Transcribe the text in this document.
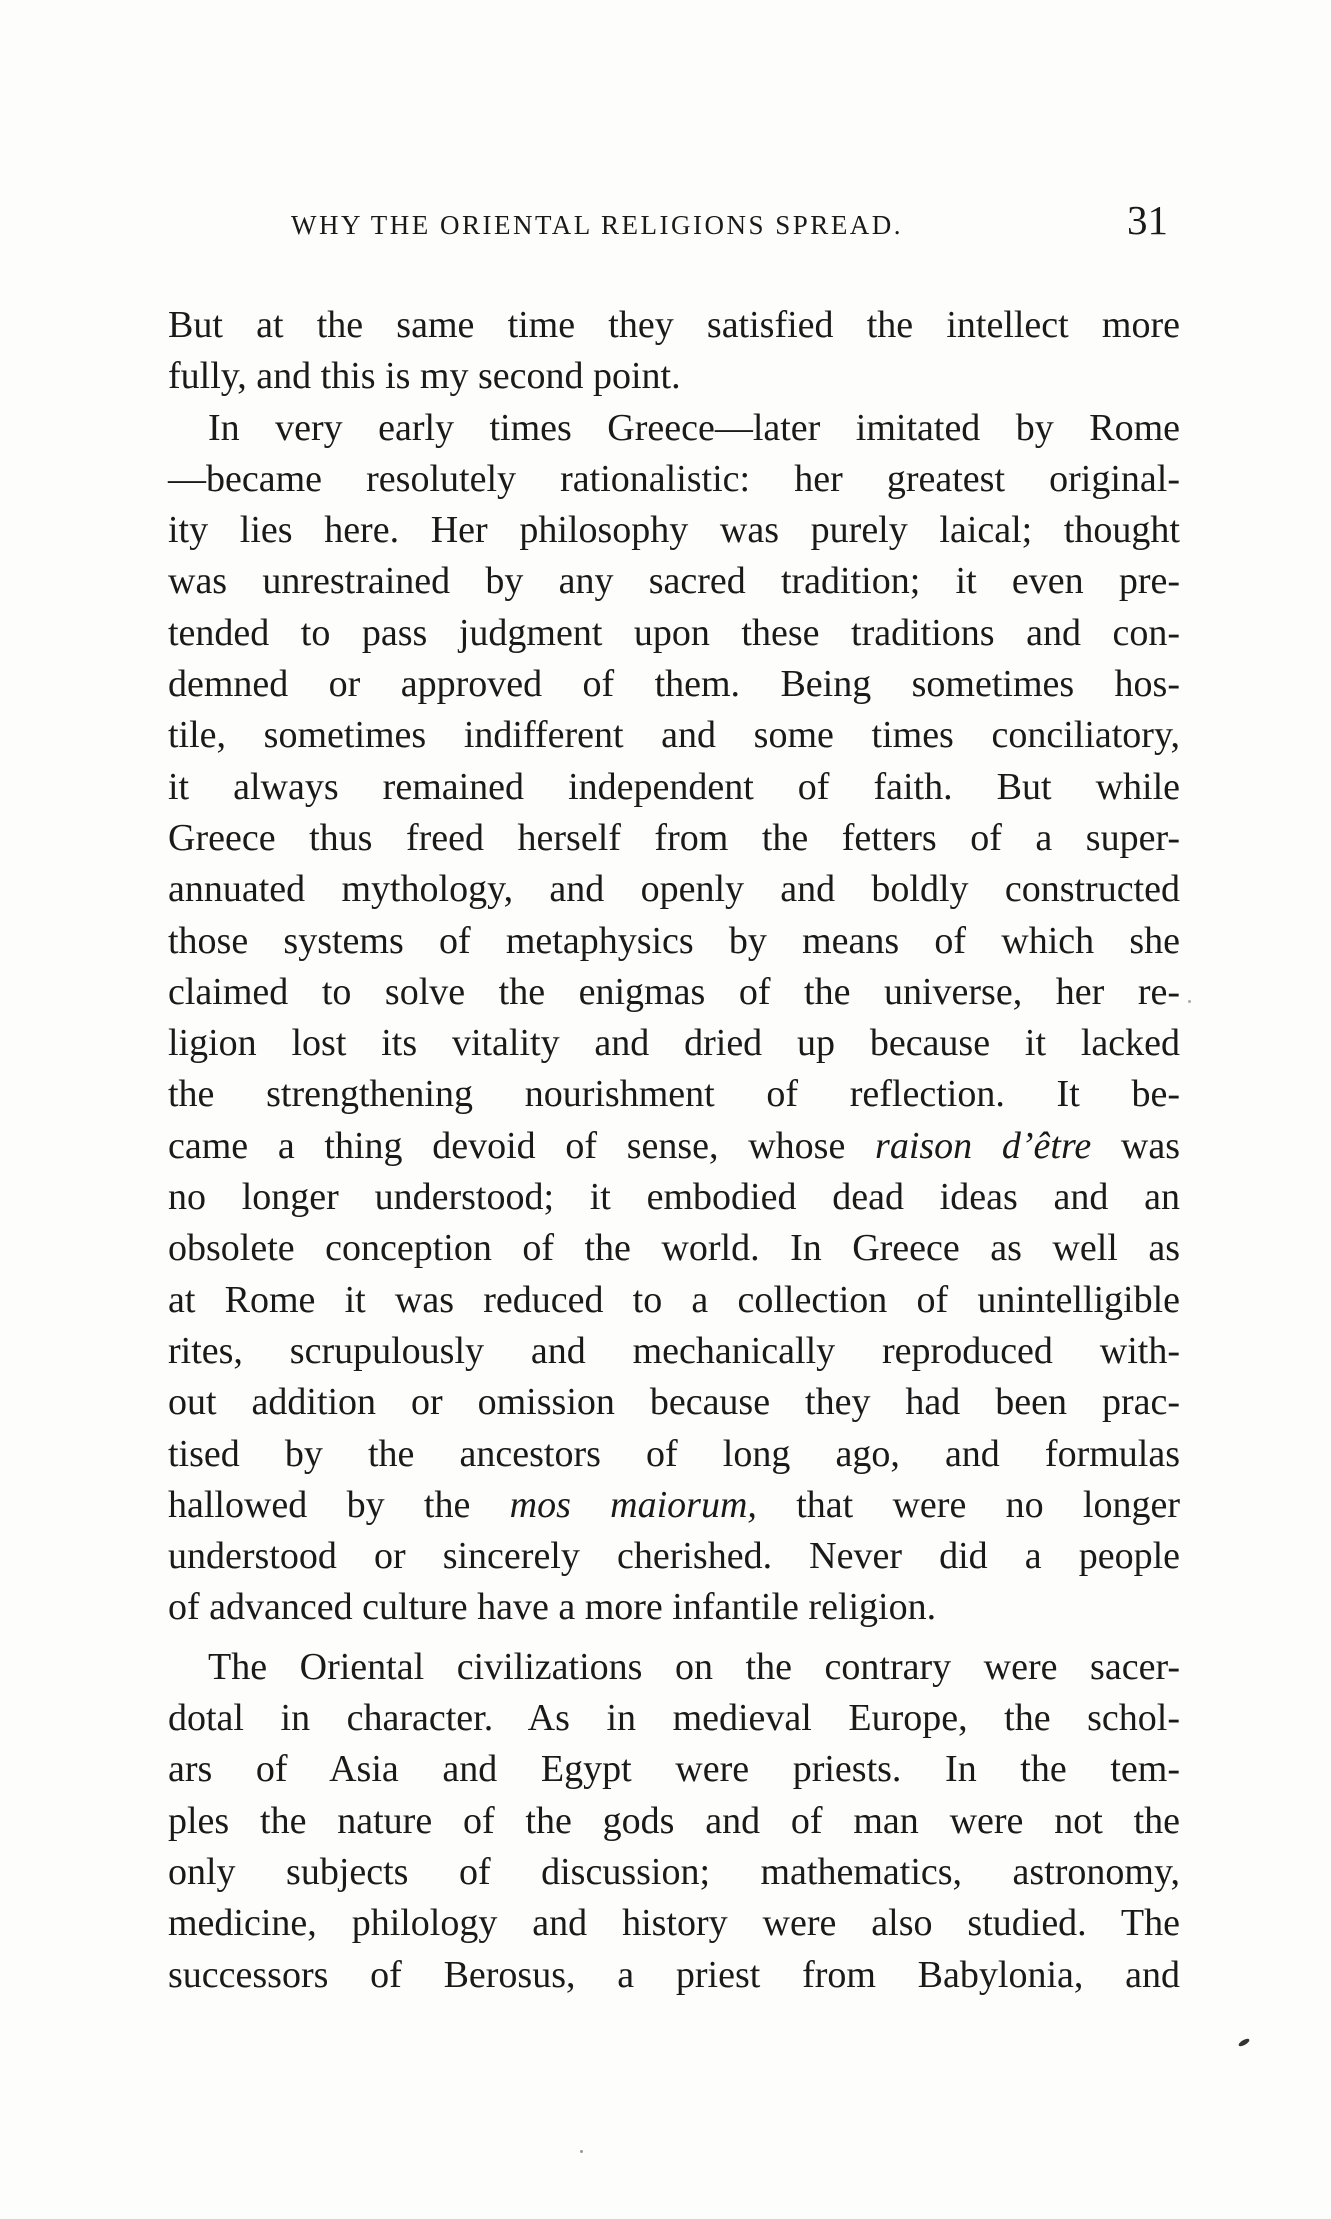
WHY THE ORIENTAL RELIGIONS SPREAD.	31
But at the same time they satisfied the intellect more
fully, and this is my second point.
In very early times Greece—later imitated by Rome
—became resolutely rationalistic: her greatest original-
ity lies here. Her philosophy was purely laical; thought
was unrestrained by any sacred tradition; it even pre-
tended to pass judgment upon these traditions and con-
demned or approved of them. Being sometimes hos-
tile, sometimes indifferent and some times conciliatory,
it always remained independent of faith. But while
Greece thus freed herself from the fetters of a super-
annuated mythology, and openly and boldly constructed
those systems of metaphysics by means of which she
claimed to solve the enigmas of the universe, her re-
ligion lost its vitality and dried up because it lacked
the strengthening nourishment of reflection. It be-
came a thing devoid of sense, whose raison d’être was
no longer understood; it embodied dead ideas and an
obsolete conception of the world. In Greece as well as
at Rome it was reduced to a collection of unintelligible
rites, scrupulously and mechanically reproduced with-
out addition or omission because they had been prac-
tised by the ancestors of long ago, and formulas
hallowed by the mos maiorum, that were no longer
understood or sincerely cherished. Never did a people
of advanced culture have a more infantile religion.
The Oriental civilizations on the contrary were sacer-
dotal in character. As in medieval Europe, the schol-
ars of Asia and Egypt were priests. In the tem-
ples the nature of the gods and of man were not the
only subjects of discussion; mathematics, astronomy,
medicine, philology and history were also studied. The
successors of Berosus, a priest from Babylonia, and
